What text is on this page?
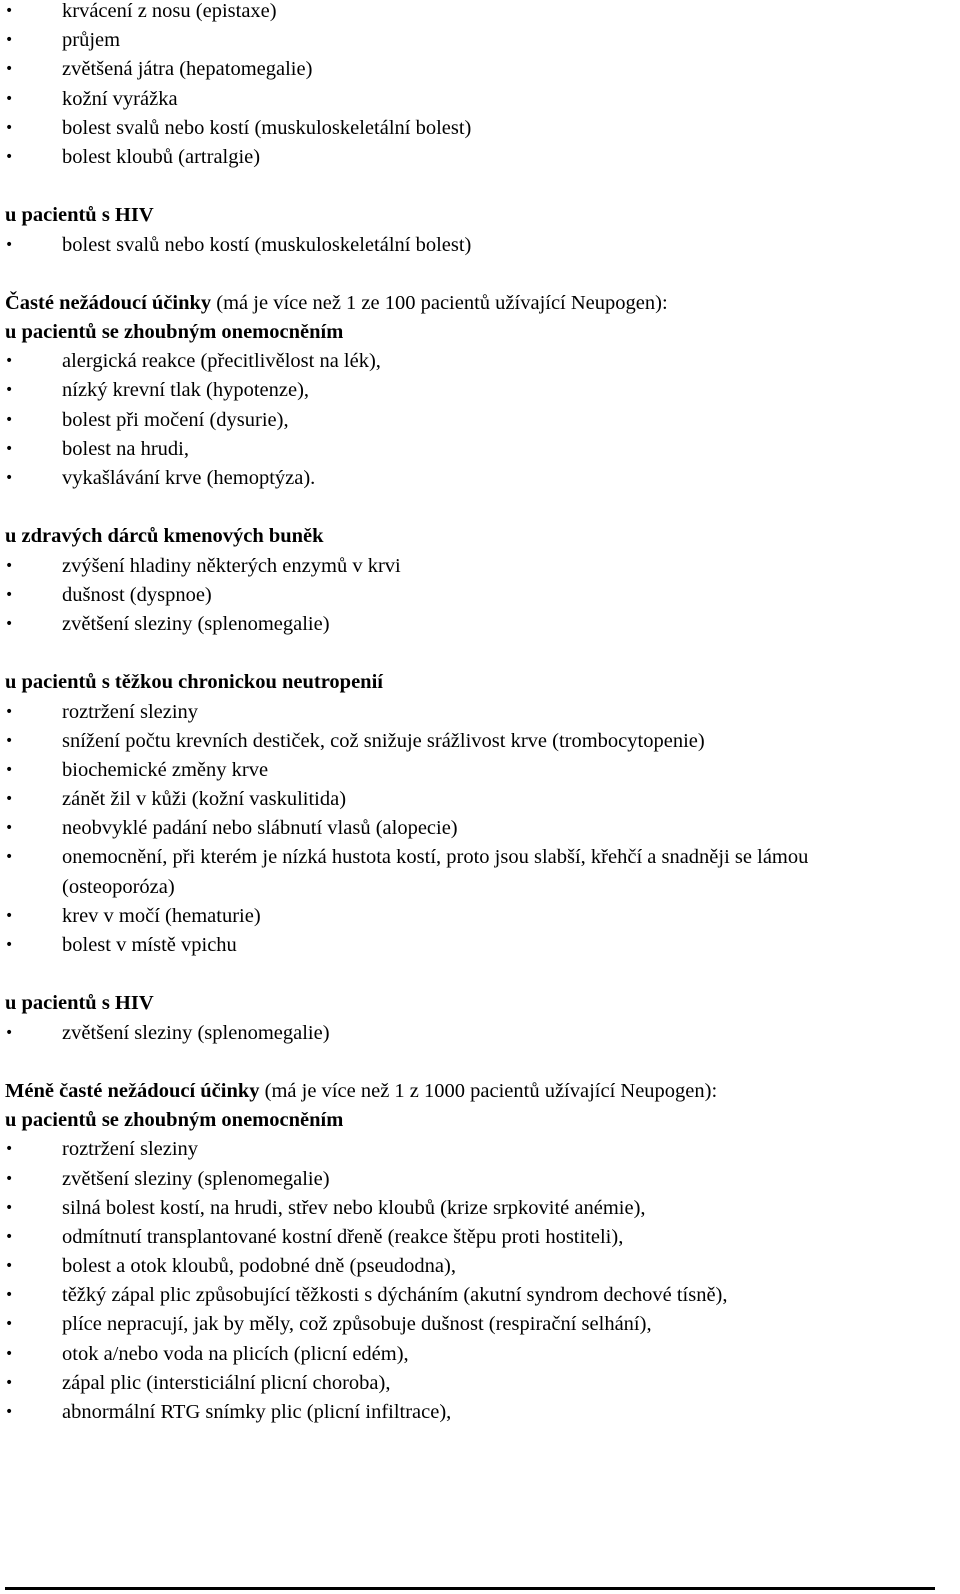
•	krvácení z nosu (epistaxe)
•	průjem
•	zvětšená játra (hepatomegalie)
•	kožní vyrážka
•	bolest svalů nebo kostí (muskuloskeletální bolest)
•	bolest kloubů (artralgie)
u pacientů s HIV
•	bolest svalů nebo kostí (muskuloskeletální bolest)
Časté nežádoucí účinky (má je více než 1 ze 100 pacientů užívající Neupogen):
u pacientů se zhoubným onemocněním
•	alergická reakce (přecitlivělost na lék),
•	nízký krevní tlak (hypotenze),
•	bolest při močení (dysurie),
•	bolest na hrudi,
•	vykašlávání krve (hemoptýza).
u zdravých dárců kmenových buněk
•	zvýšení hladiny některých enzymů v krvi
•	dušnost (dyspnoe)
•	zvětšení sleziny (splenomegalie)
u pacientů s těžkou chronickou neutropenií
•	roztržení sleziny
•	snížení počtu krevních destiček, což snižuje srážlivost krve (trombocytopenie)
•	biochemické změny krve
•	zánět žil v kůži (kožní vaskulitida)
•	neobvyklé padání nebo slábnutí vlasů (alopecie)
•	onemocnění, při kterém je nízká hustota kostí, proto jsou slabší, křehčí a snadněji se lámou
(osteoporóza)
•	krev v močí (hematurie)
•	bolest v místě vpichu
u pacientů s HIV
•	zvětšení sleziny (splenomegalie)
Méně časté nežádoucí účinky (má je více než 1 z 1000 pacientů užívající Neupogen):
u pacientů se zhoubným onemocněním
•	roztržení sleziny
•	zvětšení sleziny (splenomegalie)
•	silná bolest kostí, na hrudi, střev nebo kloubů (krize srpkovité anémie),
•	odmítnutí transplantované kostní dřeně (reakce štěpu proti hostiteli),
•	bolest a otok kloubů, podobné dně (pseudodna),
•	těžký zápal plic způsobující těžkosti s dýcháním (akutní syndrom dechové tísně),
•	plíce nepracují, jak by měly, což způsobuje dušnost (respirační selhání),
•	otok a/nebo voda na plicích (plicní edém),
•	zápal plic (intersticiální plicní choroba),
•	abnormální RTG snímky plic (plicní infiltrace),
